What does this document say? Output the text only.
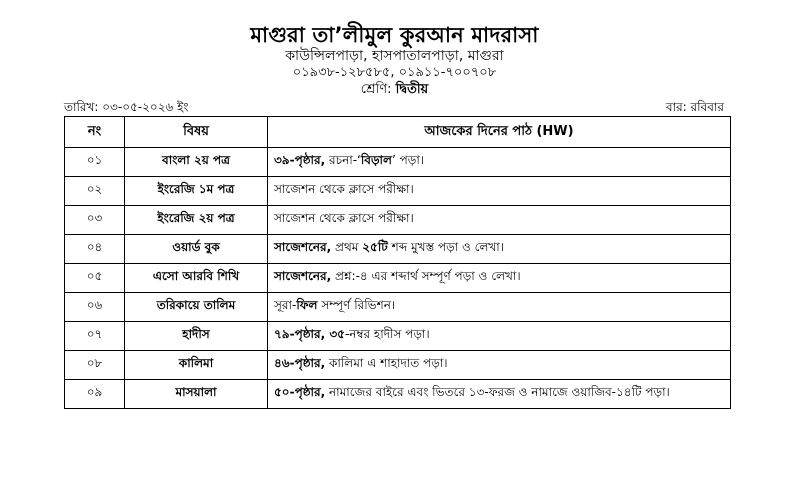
মাগুরা তা’লীমুল কুরআন মাদরাসা
কাউন্সিলপাড়া, হাসপাতালপাড়া, মাগুরা
০১৯৩৮-১২৮৫৮৫, ০১৯১১-৭০০৭০৮
শ্রেণি: দ্বিতীয়
তারিখ: ০৩-০৫-২০২৬ ইং	বার: রবিবার
নং	বিষয়	আজকের দিনের পাঠ (HW)
০১	বাংলা ২য় পত্র	৩৯-পৃষ্ঠার, রচনা-‘বিড়াল’ পড়া।
০২	ইংরেজি ১ম পত্র	সাজেশন থেকে ক্লাসে পরীক্ষা।
০৩	ইংরেজি ২য় পত্র	সাজেশন থেকে ক্লাসে পরীক্ষা।
০৪	ওয়ার্ড বুক	সাজেশনের, প্রথম ২৫টি শব্দ মুখস্ত পড়া ও লেখা।
০৫	এসো আরবি শিখি	সাজেশনের, প্রশ্ন:-৪ এর শব্দার্থ সম্পূর্ণ পড়া ও লেখা।
০৬	তরিকায়ে তালিম	সূরা-ফিল সম্পূর্ণ রিভিশন।
০৭	হাদীস	৭৯-পৃষ্ঠার, ৩৫-নম্বর হাদীস পড়া।
০৮	কালিমা	৪৬-পৃষ্ঠার, কালিমা এ শাহাদাত পড়া।
০৯	মাসয়ালা	৫০-পৃষ্ঠার, নামাজের বাইরে এবং ভিতরে ১৩-ফরজ ও নামাজে ওয়াজিব-১৪টি পড়া।
